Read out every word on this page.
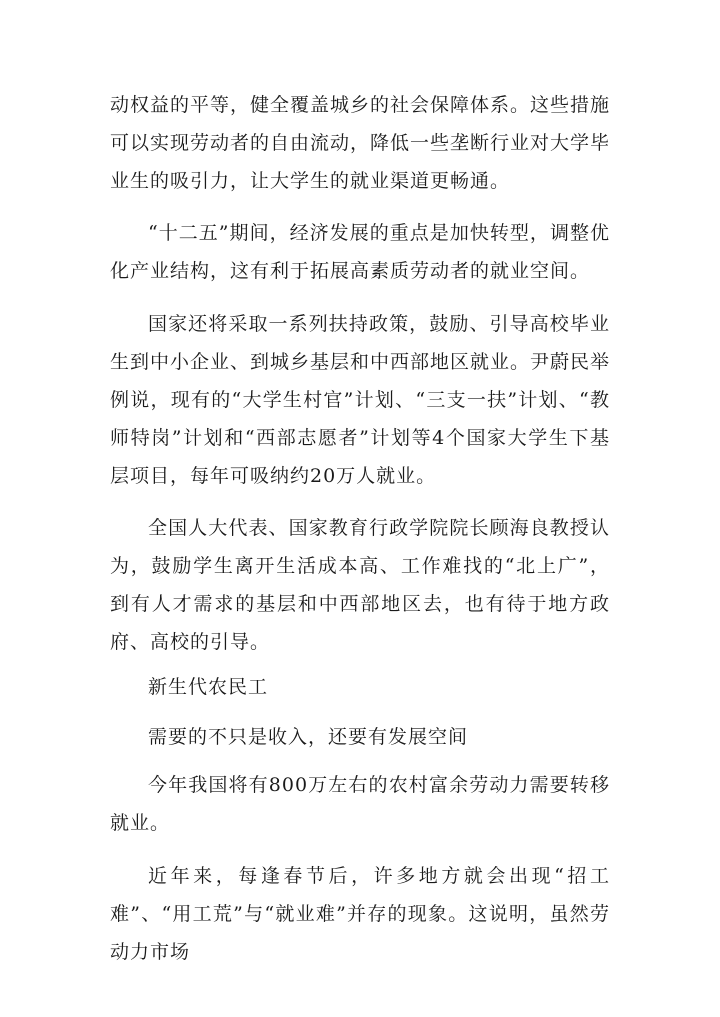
动权益的平等，健全覆盖城乡的社会保障体系。这些措施可以实现劳动者的自由流动，降低一些垄断行业对大学毕业生的吸引力，让大学生的就业渠道更畅通。

“十二五”期间，经济发展的重点是加快转型，调整优化产业结构，这有利于拓展高素质劳动者的就业空间。

国家还将采取一系列扶持政策，鼓励、引导高校毕业生到中小企业、到城乡基层和中西部地区就业。尹蔚民举例说，现有的“大学生村官”计划、“三支一扶”计划、“教师特岗”计划和“西部志愿者”计划等4个国家大学生下基层项目，每年可吸纳约20万人就业。

全国人大代表、国家教育行政学院院长顾海良教授认为，鼓励学生离开生活成本高、工作难找的“北上广”，到有人才需求的基层和中西部地区去，也有待于地方政府、高校的引导。

新生代农民工

需要的不只是收入，还要有发展空间

今年我国将有800万左右的农村富余劳动力需要转移就业。

近年来，每逢春节后，许多地方就会出现“招工难”、“用工荒”与“就业难”并存的现象。这说明，虽然劳动力市场
